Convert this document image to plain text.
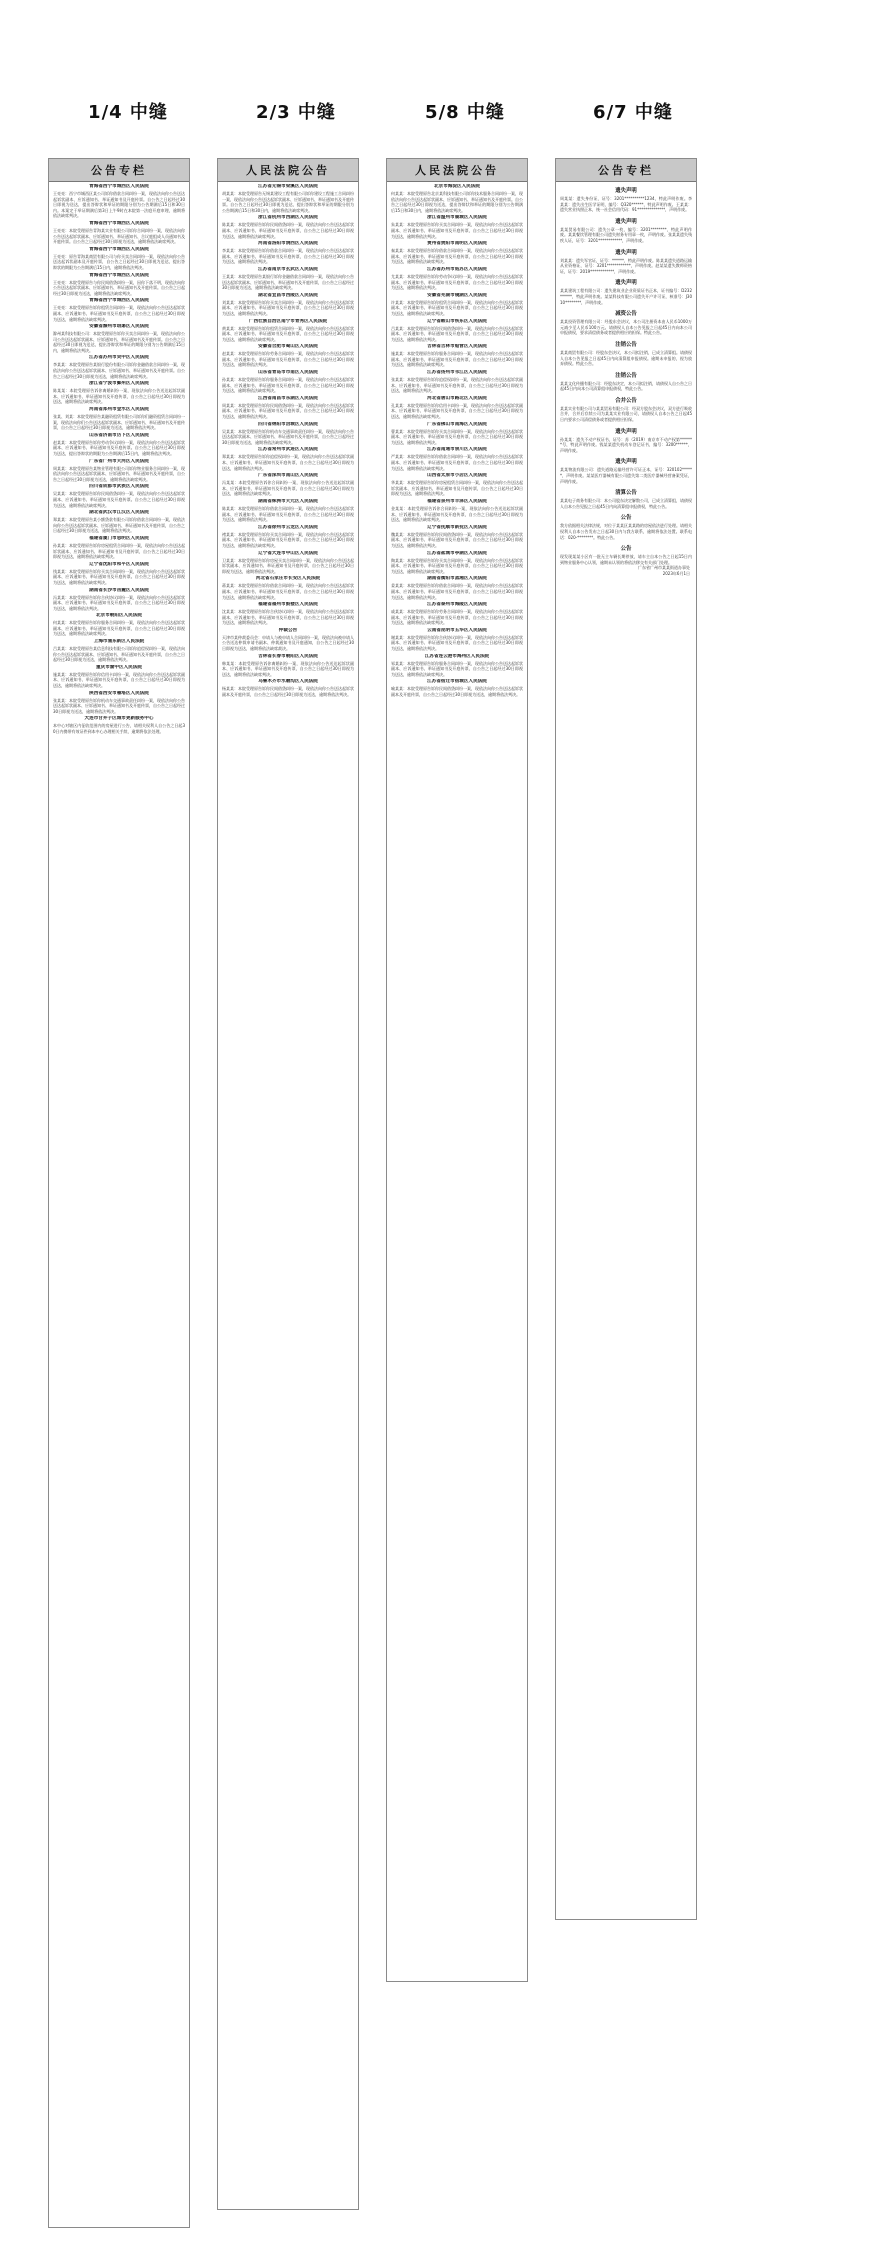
1/4 中缝	2/3 中缝	5/8 中缝	6/7 中缝
公告专栏
青海省西宁市城西区人民法院
王亮亮：西宁市城西区某公司诉你借款合同纠纷一案，现依法向你公告送达起诉状副本、应诉通知书、举证通知书及开庭传票。自公告之日起经过30日即视为送达，提出答辩状和举证的期限分别为公告期满后15日和30日内。本案定于举证期满后第3日上午9时在本院第一法庭开庭审理，逾期将依法缺席判决。
青海省西宁市城西区人民法院
王亮亮：本院受理原告青海某实业有限公司诉你合同纠纷一案，现依法向你公告送达起诉状副本、应诉通知书、举证通知书、合议庭组成人员通知书及开庭传票。自公告之日起经过30日即视为送达，逾期将依法缺席判决。
青海省西宁市城西区人民法院
王亮亮：原告青海某商贸有限公司与你买卖合同纠纷一案，现依法向你公告送达起诉状副本及开庭传票，自公告之日起经过30日即视为送达，提出答辩状的期限为公告期满后15日内，逾期将依法判决。
青海省西宁市城西区人民法院
王亮亮：本院受理原告与你民间借贷纠纷一案，因你下落不明，现依法向你公告送达起诉状副本、应诉通知书、举证通知书及开庭传票。自公告之日起经过30日即视为送达，逾期将依法缺席判决。
青海省西宁市城西区人民法院
王亮亮：本院受理原告诉你租赁合同纠纷一案，现依法向你公告送达起诉状副本、应诉通知书、举证通知书及开庭传票，自公告之日起经过30日即视为送达，逾期将依法缺席判决。
安徽省滁州市琅琊区人民法院
滁州某科技有限公司：本院受理原告诉你买卖合同纠纷一案，现依法向你公司公告送达起诉状副本、应诉通知书、举证通知书及开庭传票。自公告之日起经过30日即视为送达，提出答辩状和举证的期限分别为公告期满后15日内，逾期将依法判决。
江苏省苏州市吴中区人民法院
李某某：本院受理原告某银行股份有限公司诉你金融借款合同纠纷一案，现依法向你公告送达起诉状副本、应诉通知书、举证通知书及开庭传票。自公告之日起经过30日即视为送达，逾期将依法缺席判决。
浙江省宁波市鄞州区人民法院
陈某某：本院受理原告诉你离婚纠纷一案，现依法向你公告送达起诉状副本、应诉通知书、举证通知书及开庭传票，自公告之日起经过30日即视为送达，逾期将依法缺席判决。
河南省郑州市金水区人民法院
张某、刘某：本院受理原告某融资租赁有限公司诉你们融资租赁合同纠纷一案，现依法向你们公告送达起诉状副本、应诉通知书、举证通知书及开庭传票，自公告之日起经过30日即视为送达，逾期将依法判决。
山东省济南市历下区人民法院
赵某某：本院受理原告诉你劳动争议纠纷一案，现依法向你公告送达起诉状副本、应诉通知书、举证通知书及开庭传票。自公告之日起经过30日即视为送达，提出答辩状的期限为公告期满后15日内，逾期将依法判决。
广东省广州市天河区人民法院
周某某：本院受理原告某物业管理有限公司诉你物业服务合同纠纷一案，现依法向你公告送达起诉状副本、应诉通知书、举证通知书及开庭传票，自公告之日起经过30日即视为送达，逾期将依法缺席判决。
四川省成都市武侯区人民法院
吴某某：本院受理原告诉你民间借贷纠纷一案，现依法向你公告送达起诉状副本、应诉通知书、举证通知书及开庭传票。自公告之日起经过30日即视为送达，逾期将依法缺席判决。
湖北省武汉市江汉区人民法院
郑某某：本院受理原告某小额贷款有限公司诉你借款合同纠纷一案，现依法向你公告送达起诉状副本、应诉通知书、举证通知书及开庭传票，自公告之日起经过30日即视为送达，逾期将依法判决。
福建省厦门市思明区人民法院
孙某某：本院受理原告诉你房屋租赁合同纠纷一案，现依法向你公告送达起诉状副本、应诉通知书、举证通知书及开庭传票，自公告之日起经过30日即视为送达，逾期将依法缺席判决。
辽宁省沈阳市和平区人民法院
钱某某：本院受理原告诉你买卖合同纠纷一案，现依法向你公告送达起诉状副本、应诉通知书、举证通知书及开庭传票。自公告之日起经过30日即视为送达，逾期将依法缺席判决。
湖南省长沙市岳麓区人民法院
冯某某：本院受理原告诉你合伙协议纠纷一案，现依法向你公告送达起诉状副本、应诉通知书、举证通知书及开庭传票，自公告之日起经过30日即视为送达，逾期将依法判决。
北京市朝阳区人民法院
何某某：本院受理原告诉你服务合同纠纷一案，现依法向你公告送达起诉状副本、应诉通知书、举证通知书及开庭传票，自公告之日起经过30日即视为送达，逾期将依法缺席判决。
上海市浦东新区人民法院
吕某某：本院受理原告某信息科技有限公司诉你追偿权纠纷一案，现依法向你公告送达起诉状副本、应诉通知书、举证通知书及开庭传票，自公告之日起经过30日即视为送达，逾期将依法判决。
重庆市渝中区人民法院
施某某：本院受理原告诉你信用卡纠纷一案，现依法向你公告送达起诉状副本、应诉通知书、举证通知书及开庭传票，自公告之日起经过30日即视为送达，逾期将依法缺席判决。
陕西省西安市雁塔区人民法院
张某某：本院受理原告诉你机动车交通事故责任纠纷一案，现依法向你公告送达起诉状副本、应诉通知书、举证通知书及开庭传票，自公告之日起经过30日即视为送达，逾期将依法判决。
大连市甘井子区城市更新服务中心
本中心对辖区内征收范围内的房屋进行公告，请相关权利人自公告之日起30日内携带有效证件到本中心办理相关手续，逾期将依法处理。
人民法院公告
江苏省无锡市梁溪区人民法院
胡某某：本院受理原告无锡某建设工程有限公司诉你建设工程施工合同纠纷一案，现依法向你公告送达起诉状副本、应诉通知书、举证通知书及开庭传票。自公告之日起经过30日即视为送达，提出答辩状和举证的期限分别为公告期满后15日和30日内，逾期将依法缺席判决。
浙江省杭州市西湖区人民法院
陈某某：本院受理原告诉你民间借贷纠纷一案，现依法向你公告送达起诉状副本、应诉通知书、举证通知书及开庭传票，自公告之日起经过30日即视为送达，逾期将依法缺席判决。
河南省洛阳市涧西区人民法院
李某某：本院受理原告诉你借款合同纠纷一案，现依法向你公告送达起诉状副本、应诉通知书、举证通知书及开庭传票，自公告之日起经过30日即视为送达，逾期将依法判决。
江苏省南京市玄武区人民法院
王某某：本院受理原告某银行诉你金融借款合同纠纷一案，现依法向你公告送达起诉状副本、应诉通知书、举证通知书及开庭传票，自公告之日起经过30日即视为送达，逾期将依法缺席判决。
湖北省宜昌市西陵区人民法院
刘某某：本院受理原告诉你买卖合同纠纷一案，现依法向你公告送达起诉状副本、应诉通知书、举证通知书及开庭传票，自公告之日起经过30日即视为送达，逾期将依法判决。
广西壮族自治区南宁市青秀区人民法院
黄某某：本院受理原告诉你租赁合同纠纷一案，现依法向你公告送达起诉状副本、应诉通知书、举证通知书及开庭传票，自公告之日起经过30日即视为送达，逾期将依法缺席判决。
安徽省合肥市蜀山区人民法院
赵某某：本院受理原告诉你劳务合同纠纷一案，现依法向你公告送达起诉状副本、应诉通知书、举证通知书及开庭传票，自公告之日起经过30日即视为送达，逾期将依法判决。
山东省青岛市市南区人民法院
孙某某：本院受理原告诉你服务合同纠纷一案，现依法向你公告送达起诉状副本、应诉通知书、举证通知书及开庭传票，自公告之日起经过30日即视为送达，逾期将依法缺席判决。
江西省南昌市东湖区人民法院
周某某：本院受理原告诉你民间借贷纠纷一案，现依法向你公告送达起诉状副本、应诉通知书、举证通知书及开庭传票，自公告之日起经过30日即视为送达，逾期将依法判决。
四川省绵阳市涪城区人民法院
吴某某：本院受理原告诉你机动车交通事故责任纠纷一案，现依法向你公告送达起诉状副本、应诉通知书、举证通知书及开庭传票，自公告之日起经过30日即视为送达，逾期将依法缺席判决。
江苏省常州市武进区人民法院
郑某某：本院受理原告诉你追偿权纠纷一案，现依法向你公告送达起诉状副本、应诉通知书、举证通知书及开庭传票，自公告之日起经过30日即视为送达，逾期将依法判决。
广东省深圳市南山区人民法院
冯某某：本院受理原告诉你合同纠纷一案，现依法向你公告送达起诉状副本、应诉通知书、举证通知书及开庭传票，自公告之日起经过30日即视为送达，逾期将依法缺席判决。
湖南省株洲市天元区人民法院
陈某某：本院受理原告诉你借款合同纠纷一案，现依法向你公告送达起诉状副本、应诉通知书、举证通知书及开庭传票，自公告之日起经过30日即视为送达，逾期将依法判决。
江苏省徐州市云龙区人民法院
褚某某：本院受理原告诉你买卖合同纠纷一案，现依法向你公告送达起诉状副本、应诉通知书、举证通知书及开庭传票，自公告之日起经过30日即视为送达，逾期将依法缺席判决。
辽宁省大连市中山区人民法院
卫某某：本院受理原告诉你房屋买卖合同纠纷一案，现依法向你公告送达起诉状副本、应诉通知书、举证通知书及开庭传票，自公告之日起经过30日即视为送达，逾期将依法判决。
河北省石家庄市长安区人民法院
蒋某某：本院受理原告诉你借款合同纠纷一案，现依法向你公告送达起诉状副本、应诉通知书、举证通知书及开庭传票，自公告之日起经过30日即视为送达，逾期将依法缺席判决。
福建省福州市鼓楼区人民法院
沈某某：本院受理原告诉你合伙协议纠纷一案，现依法向你公告送达起诉状副本、应诉通知书、举证通知书及开庭传票，自公告之日起经过30日即视为送达，逾期将依法判决。
仲裁公告
天津市某仲裁委员会：申请人与被申请人合同纠纷一案，现依法向被申请人公告送达仲裁申请书副本、仲裁通知书及开庭通知，自公告之日起经过30日即视为送达，逾期将依法缺席裁决。
吉林省长春市朝阳区人民法院
韩某某：本院受理原告诉你离婚纠纷一案，现依法向你公告送达起诉状副本、应诉通知书、举证通知书及开庭传票，自公告之日起经过30日即视为送达，逾期将依法缺席判决。
乌鲁木齐市水磨沟区人民法院
杨某某：本院受理原告诉你民间借贷纠纷一案，现依法向你公告送达起诉状副本及开庭传票，自公告之日起经过30日即视为送达，逾期将依法判决。
人民法院公告
北京市海淀区人民法院
何某某：本院受理原告北京某科技有限公司诉你技术服务合同纠纷一案，现依法向你公告送达起诉状副本、应诉通知书、举证通知书及开庭传票。自公告之日起经过30日即视为送达，提出答辩状和举证的期限分别为公告期满后15日和30日内，逾期将依法缺席判决。
浙江省温州市鹿城区人民法院
朱某某：本院受理原告诉你买卖合同纠纷一案，现依法向你公告送达起诉状副本、应诉通知书、举证通知书及开庭传票，自公告之日起经过30日即视为送达，逾期将依法判决。
贵州省贵阳市南明区人民法院
秦某某：本院受理原告诉你借款合同纠纷一案，现依法向你公告送达起诉状副本、应诉通知书、举证通知书及开庭传票，自公告之日起经过30日即视为送达，逾期将依法缺席判决。
江苏省苏州市姑苏区人民法院
尤某某：本院受理原告诉你劳动争议纠纷一案，现依法向你公告送达起诉状副本、应诉通知书、举证通知书及开庭传票，自公告之日起经过30日即视为送达，逾期将依法判决。
安徽省芜湖市镜湖区人民法院
许某某：本院受理原告诉你租赁合同纠纷一案，现依法向你公告送达起诉状副本、应诉通知书、举证通知书及开庭传票，自公告之日起经过30日即视为送达，逾期将依法缺席判决。
辽宁省鞍山市铁东区人民法院
吕某某：本院受理原告诉你民间借贷纠纷一案，现依法向你公告送达起诉状副本、应诉通知书、举证通知书及开庭传票，自公告之日起经过30日即视为送达，逾期将依法判决。
吉林省吉林市船营区人民法院
施某某：本院受理原告诉你服务合同纠纷一案，现依法向你公告送达起诉状副本、应诉通知书、举证通知书及开庭传票，自公告之日起经过30日即视为送达，逾期将依法缺席判决。
江苏省扬州市邗江区人民法院
张某某：本院受理原告诉你追偿权纠纷一案，现依法向你公告送达起诉状副本、应诉通知书、举证通知书及开庭传票，自公告之日起经过30日即视为送达，逾期将依法判决。
河北省唐山市路北区人民法院
孔某某：本院受理原告诉你信用卡纠纷一案，现依法向你公告送达起诉状副本、应诉通知书、举证通知书及开庭传票，自公告之日起经过30日即视为送达，逾期将依法缺席判决。
广东省佛山市南海区人民法院
曹某某：本院受理原告诉你买卖合同纠纷一案，现依法向你公告送达起诉状副本、应诉通知书、举证通知书及开庭传票，自公告之日起经过30日即视为送达，逾期将依法判决。
江苏省南通市崇川区人民法院
严某某：本院受理原告诉你借款合同纠纷一案，现依法向你公告送达起诉状副本、应诉通知书、举证通知书及开庭传票，自公告之日起经过30日即视为送达，逾期将依法缺席判决。
山西省太原市小店区人民法院
华某某：本院受理原告诉你房屋租赁合同纠纷一案，现依法向你公告送达起诉状副本、应诉通知书、举证通知书及开庭传票，自公告之日起经过30日即视为送达，逾期将依法判决。
福建省泉州市丰泽区人民法院
金某某：本院受理原告诉你合同纠纷一案，现依法向你公告送达起诉状副本、应诉通知书、举证通知书及开庭传票，自公告之日起经过30日即视为送达，逾期将依法缺席判决。
辽宁省抚顺市新抚区人民法院
魏某某：本院受理原告诉你民间借贷纠纷一案，现依法向你公告送达起诉状副本、应诉通知书、举证通知书及开庭传票，自公告之日起经过30日即视为送达，逾期将依法判决。
江苏省盐城市亭湖区人民法院
陶某某：本院受理原告诉你买卖合同纠纷一案，现依法向你公告送达起诉状副本、应诉通知书、举证通知书及开庭传票，自公告之日起经过30日即视为送达，逾期将依法缺席判决。
湖南省衡阳市蒸湘区人民法院
姜某某：本院受理原告诉你借款合同纠纷一案，现依法向你公告送达起诉状副本、应诉通知书、举证通知书及开庭传票，自公告之日起经过30日即视为送达，逾期将依法判决。
江苏省泰州市海陵区人民法院
戚某某：本院受理原告诉你劳务合同纠纷一案，现依法向你公告送达起诉状副本、应诉通知书、举证通知书及开庭传票，自公告之日起经过30日即视为送达，逾期将依法缺席判决。
云南省昆明市五华区人民法院
谢某某：本院受理原告诉你合伙协议纠纷一案，现依法向你公告送达起诉状副本、应诉通知书、举证通知书及开庭传票，自公告之日起经过30日即视为送达，逾期将依法判决。
江苏省连云港市海州区人民法院
邹某某：本院受理原告诉你服务合同纠纷一案，现依法向你公告送达起诉状副本、应诉通知书、举证通知书及开庭传票，自公告之日起经过30日即视为送达，逾期将依法缺席判决。
江苏省宿迁市宿城区人民法院
喻某某：本院受理原告诉你民间借贷纠纷一案，现依法向你公告送达起诉状副本及开庭传票，自公告之日起经过30日即视为送达，逾期将依法判决。
公告专栏
遗失声明
周某某：遗失身份证，证号：3201**********1234，特此声明作废。李某某：遗失出生医学证明，编号：Q320******，特此声明作废。王某某：遗失营业执照正本，统一社会信用代码：91**************，声明作废。
遗失声明
某某贸易有限公司：遗失公章一枚，编号：3201********，特此声明作废。某某餐饮管理有限公司遗失财务专用章一枚，声明作废。张某某遗失残疾人证，证号：3201************，声明作废。
遗失声明
刘某某：遗失军官证，证号：******，特此声明作废。陈某某遗失道路运输从业资格证，证号：3201************，声明作废。赵某某遗失教师资格证，证号：2019************，声明作废。
遗失声明
某某建筑工程有限公司：遗失建筑业企业资质证书正本，证书编号：D232******，特此声明作废。某某科技有限公司遗失开户许可证，核准号：J3010********，声明作废。
减资公告
某某投资管理有限公司：经股东会决议，本公司注册资本由人民币1000万元减少至人民币100万元。请债权人自本公告见报之日起45日内向本公司申报债权，要求清偿债务或者提供相应的担保。特此公告。
注销公告
某某商贸有限公司：经股东会决议，本公司拟注销，已成立清算组。请债权人自本公告见报之日起45日内向清算组申报债权。逾期未申报的，视为放弃债权。特此公告。
注销公告
某某文化传播有限公司：经股东决定，本公司拟注销，请债权人自公告之日起45日内向本公司清算组申报债权，特此公告。
合并公告
某某实业有限公司与某某贸易有限公司：经双方股东会决议，双方进行吸收合并，合并后存续公司为某某实业有限公司，请债权人自本公告之日起45日内要求公司清偿债务或者提供相应担保。
遗失声明
孙某某：遗失不动产权证书，证号：苏（2019）南京市不动产权第*******号，特此声明作废。钱某某遗失机动车登记证书，编号：3200******，声明作废。
遗失声明
某某物流有限公司：遗失道路运输经营许可证正本，证号：320102******，声明作废。某某医疗器械有限公司遗失第二类医疗器械经营备案凭证，声明作废。
清算公告
某某电子商务有限公司：本公司股东决定解散公司，已成立清算组，请债权人自本公告见报之日起45日内向清算组申报债权，特此公告。
公告
我方依据相关法律法规，对位于某某区某某路的房屋依法进行处理。请相关权利人自本公告发布之日起30日内与我方联系，逾期将依法处置。联系电话：020-********。特此公告。
公告
现发现某某小区有一批无主车辆长期停放，请车主自本公告之日起15日内到物业服务中心认领，逾期未认领的将依法移交有关部门处理。
广东省广州市某某街道办事处
2023年6月1日
